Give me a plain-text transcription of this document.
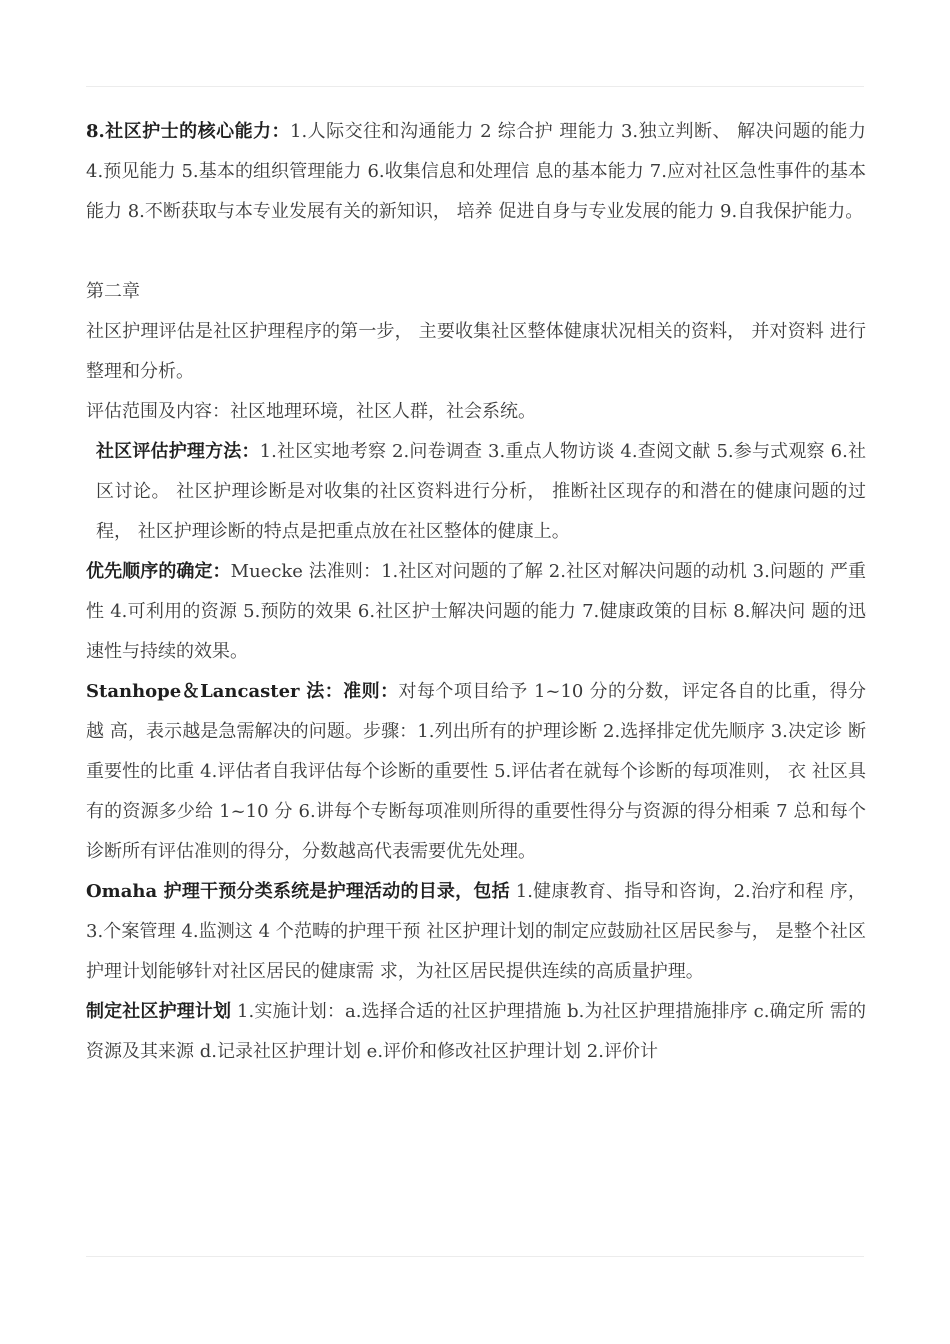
8.社区护士的核心能力：1.人际交往和沟通能力 2 综合护 理能力 3.独立判断、 解决问题的能力 4.预见能力 5.基本的组织管理能力 6.收集信息和处理信 息的基本能力 7.应对社区急性事件的基本能力 8.不断获取与本专业发展有关的新知识， 培养 促进自身与专业发展的能力 9.自我保护能力。

第二章

社区护理评估是社区护理程序的第一步， 主要收集社区整体健康状况相关的资料， 并对资料 进行整理和分析。

评估范围及内容：社区地理环境，社区人群，社会系统。

社区评估护理方法：1.社区实地考察 2.问卷调查 3.重点人物访谈 4.查阅文献 5.参与式观察 6.社区讨论。 社区护理诊断是对收集的社区资料进行分析， 推断社区现存的和潜在的健康问题的过程， 社区护理诊断的特点是把重点放在社区整体的健康上。

优先顺序的确定：Muecke 法准则：1.社区对问题的了解 2.社区对解决问题的动机 3.问题的 严重性 4.可利用的资源 5.预防的效果 6.社区护士解决问题的能力 7.健康政策的目标 8.解决问 题的迅速性与持续的效果。

Stanhope＆Lancaster 法：准则：对每个项目给予 1~10 分的分数，评定各自的比重，得分越 高，表示越是急需解决的问题。步骤：1.列出所有的护理诊断 2.选择排定优先顺序 3.决定诊 断重要性的比重 4.评估者自我评估每个诊断的重要性 5.评估者在就每个诊断的每项准则， 衣 社区具有的资源多少给 1~10 分 6.讲每个专断每项准则所得的重要性得分与资源的得分相乘 7 总和每个诊断所有评估准则的得分，分数越高代表需要优先处理。

Omaha 护理干预分类系统是护理活动的目录，包括 1.健康教育、指导和咨询，2.治疗和程 序，3.个案管理 4.监测这 4 个范畴的护理干预 社区护理计划的制定应鼓励社区居民参与， 是整个社区护理计划能够针对社区居民的健康需 求，为社区居民提供连续的高质量护理。

制定社区护理计划 1.实施计划：a.选择合适的社区护理措施 b.为社区护理措施排序 c.确定所 需的资源及其来源 d.记录社区护理计划 e.评价和修改社区护理计划 2.评价计
